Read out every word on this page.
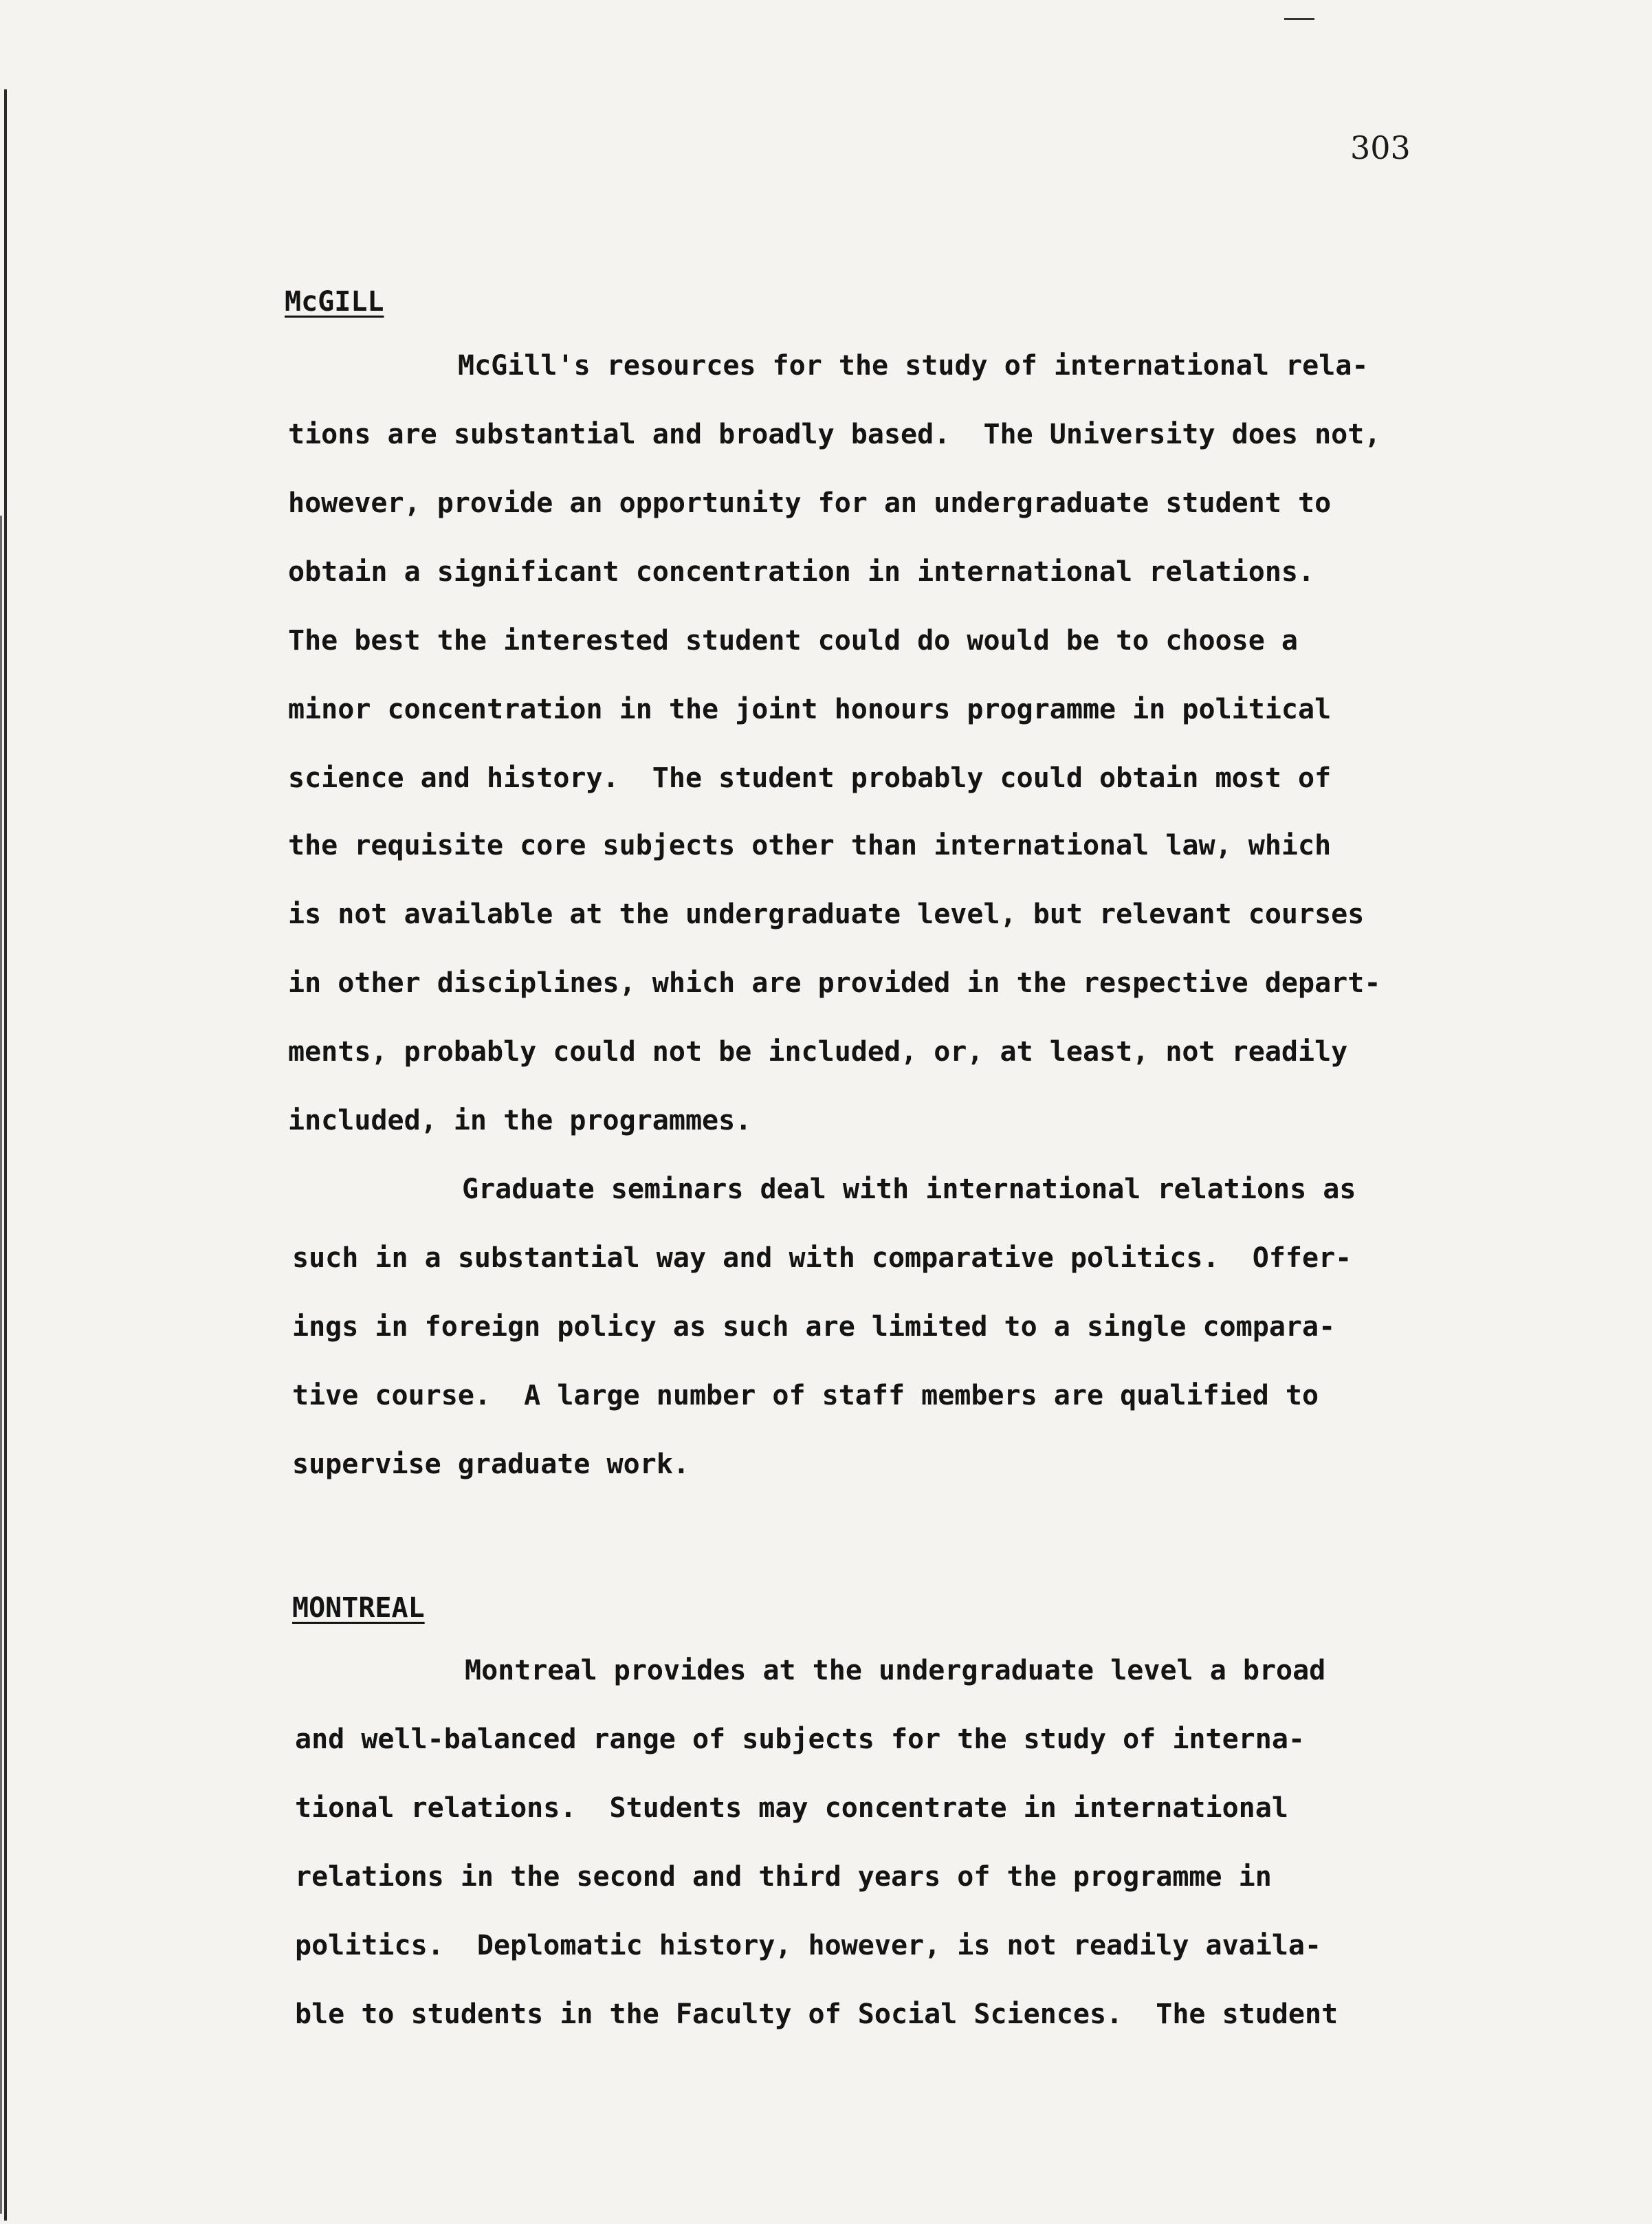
303
McGILL
McGill's resources for the study of international rela-
tions are substantial and broadly based.  The University does not,
however, provide an opportunity for an undergraduate student to
obtain a significant concentration in international relations.
The best the interested student could do would be to choose a
minor concentration in the joint honours programme in political
science and history.  The student probably could obtain most of
the requisite core subjects other than international law, which
is not available at the undergraduate level, but relevant courses
in other disciplines, which are provided in the respective depart-
ments, probably could not be included, or, at least, not readily
included, in the programmes.
Graduate seminars deal with international relations as
such in a substantial way and with comparative politics.  Offer-
ings in foreign policy as such are limited to a single compara-
tive course.  A large number of staff members are qualified to
supervise graduate work.
MONTREAL
Montreal provides at the undergraduate level a broad
and well-balanced range of subjects for the study of interna-
tional relations.  Students may concentrate in international
relations in the second and third years of the programme in
politics.  Deplomatic history, however, is not readily availa-
ble to students in the Faculty of Social Sciences.  The student
